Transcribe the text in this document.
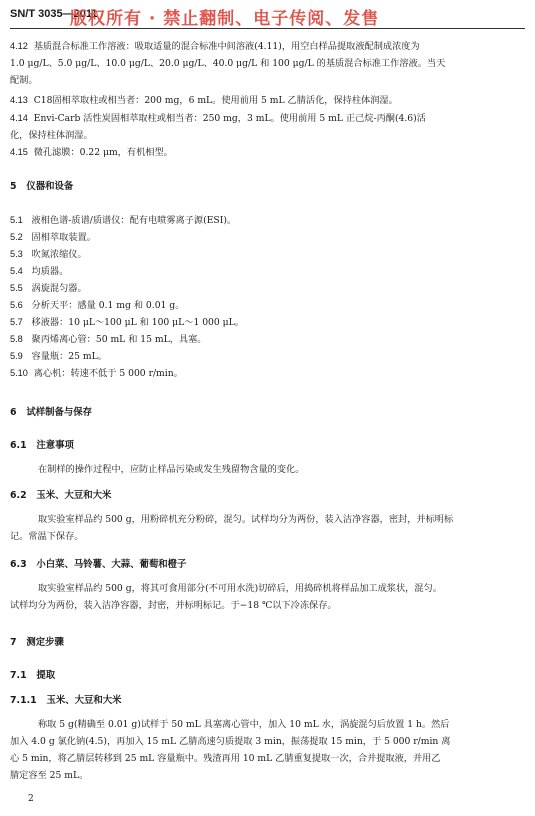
SN/T 3035—2011
版权所有 · 禁止翻制、电子传阅、发售
4.12 基质混合标准工作溶液：吸取适量的混合标准中间溶液(4.11)，用空白样品提取液配制成浓度为
1.0 μg/L、5.0 μg/L、10.0 μg/L、20.0 μg/L、40.0 μg/L 和 100 μg/L 的基质混合标准工作溶液。当天
配制。
4.13 C18固相萃取柱或相当者：200 mg，6 mL。使用前用 5 mL 乙腈活化，保持柱体润湿。
4.14 Envi-Carb 活性炭固相萃取柱或相当者：250 mg，3 mL。使用前用 5 mL 正己烷-丙酮(4.6)活
化，保持柱体润湿。
4.15 微孔滤膜：0.22 μm，有机相型。
5 仪器和设备
5.1 液相色谱-质谱/质谱仪：配有电喷雾离子源(ESI)。
5.2 固相萃取装置。
5.3 吹氮浓缩仪。
5.4 均质器。
5.5 涡旋混匀器。
5.6 分析天平：感量 0.1 mg 和 0.01 g。
5.7 移液器：10 μL～100 μL 和 100 μL～1 000 μL。
5.8 聚丙烯离心管：50 mL 和 15 mL，具塞。
5.9 容量瓶：25 mL。
5.10 离心机：转速不低于 5 000 r/min。
6 试样制备与保存
6.1 注意事项
在制样的操作过程中，应防止样品污染或发生残留物含量的变化。
6.2 玉米、大豆和大米
取实验室样品约 500 g，用粉碎机充分粉碎，混匀。试样均分为两份，装入洁净容器，密封，并标明标
记。常温下保存。
6.3 小白菜、马铃薯、大蒜、葡萄和橙子
取实验室样品约 500 g，将其可食用部分(不可用水洗)切碎后，用捣碎机将样品加工成浆状，混匀。
试样均分为两份，装入洁净容器，封密，并标明标记。于−18 ℃以下冷冻保存。
7 测定步骤
7.1 提取
7.1.1 玉米、大豆和大米
称取 5 g(精确至 0.01 g)试样于 50 mL 具塞离心管中，加入 10 mL 水，涡旋混匀后放置 1 h。然后
加入 4.0 g 氯化钠(4.5)，再加入 15 mL 乙腈高速匀质提取 3 min，振荡提取 15 min，于 5 000 r/min 离
心 5 min，将乙腈层转移到 25 mL 容量瓶中。残渣再用 10 mL 乙腈重复提取一次，合并提取液，并用乙
腈定容至 25 mL。
2
